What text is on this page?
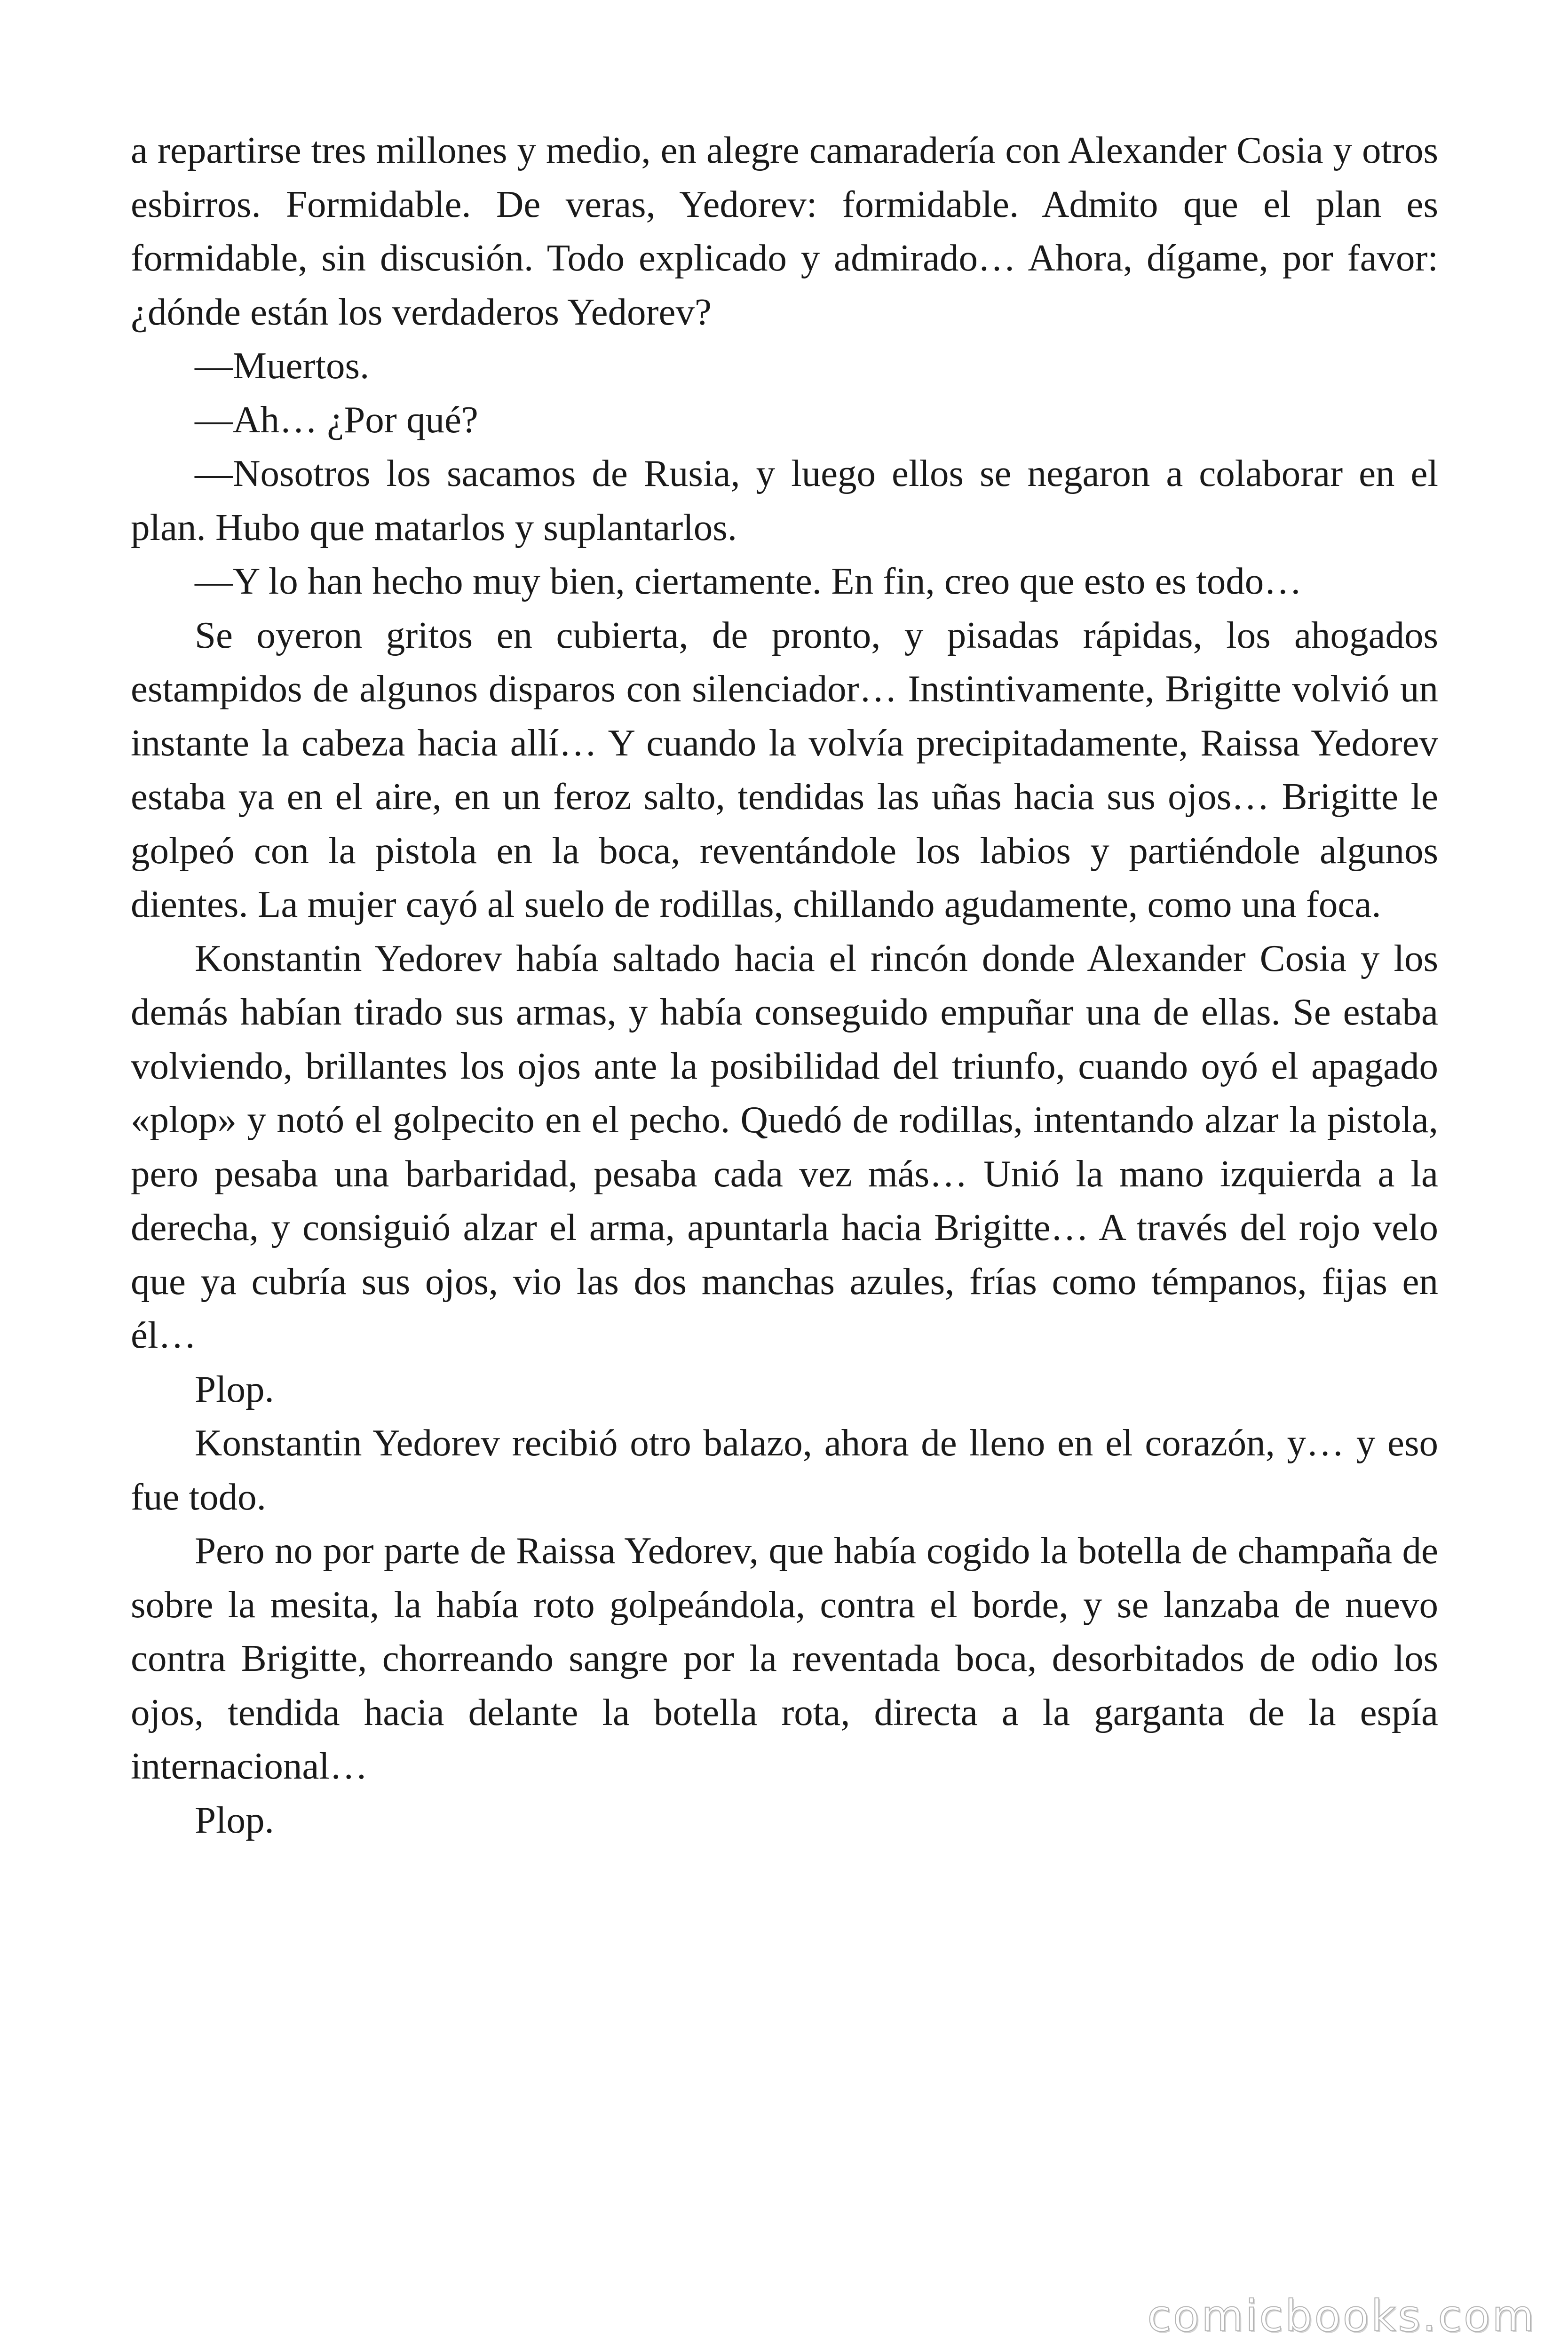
a repartirse tres millones y medio, en alegre camaradería con Alexander Cosia y otros esbirros. Formidable. De veras, Yedorev: formidable. Admito que el plan es formidable, sin discusión. Todo explicado y admirado… Ahora, dígame, por favor: ¿dónde están los verdaderos Yedorev?

—Muertos.

—Ah… ¿Por qué?

—Nosotros los sacamos de Rusia, y luego ellos se negaron a colaborar en el plan. Hubo que matarlos y suplantarlos.

—Y lo han hecho muy bien, ciertamente. En fin, creo que esto es todo…

Se oyeron gritos en cubierta, de pronto, y pisadas rápidas, los ahogados estampidos de algunos disparos con silenciador… Instintivamente, Brigitte volvió un instante la cabeza hacia allí… Y cuando la volvía precipitadamente, Raissa Yedorev estaba ya en el aire, en un feroz salto, tendidas las uñas hacia sus ojos… Brigitte le golpeó con la pistola en la boca, reventándole los labios y partiéndole algunos dientes. La mujer cayó al suelo de rodillas, chillando agudamente, como una foca.

Konstantin Yedorev había saltado hacia el rincón donde Alexander Cosia y los demás habían tirado sus armas, y había conseguido empuñar una de ellas. Se estaba volviendo, brillantes los ojos ante la posibilidad del triunfo, cuando oyó el apagado «plop» y notó el golpecito en el pecho. Quedó de rodillas, intentando alzar la pistola, pero pesaba una barbaridad, pesaba cada vez más… Unió la mano izquierda a la derecha, y consiguió alzar el arma, apuntarla hacia Brigitte… A través del rojo velo que ya cubría sus ojos, vio las dos manchas azules, frías como témpanos, fijas en él…

Plop.

Konstantin Yedorev recibió otro balazo, ahora de lleno en el corazón, y… y eso fue todo.

Pero no por parte de Raissa Yedorev, que había cogido la botella de champaña de sobre la mesita, la había roto golpeándola, contra el borde, y se lanzaba de nuevo contra Brigitte, chorreando sangre por la reventada boca, desorbitados de odio los ojos, tendida hacia delante la botella rota, directa a la garganta de la espía internacional…

Plop.

comicbooks.com
